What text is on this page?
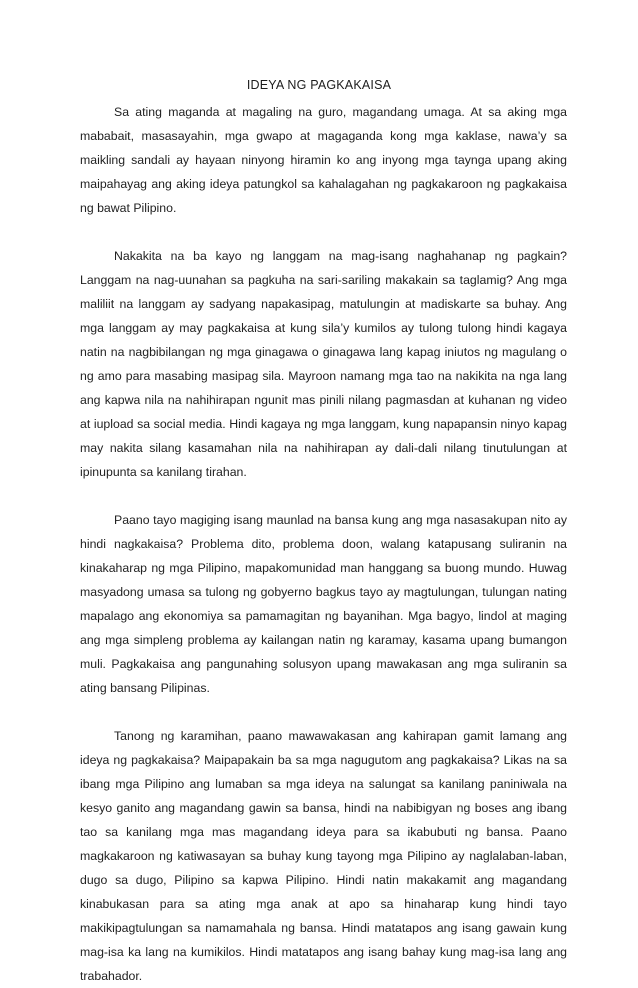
IDEYA NG PAGKAKAISA

Sa ating maganda at magaling na guro, magandang umaga. At sa aking mga mababait, masasayahin, mga gwapo at magaganda kong mga kaklase, nawa’y sa maikling sandali ay hayaan ninyong hiramin ko ang inyong mga taynga upang aking maipahayag ang aking ideya patungkol sa kahalagahan ng pagkakaroon ng pagkakaisa ng bawat Pilipino.

Nakakita na ba kayo ng langgam na mag-isang naghahanap ng pagkain? Langgam na nag-uunahan sa pagkuha na sari-sariling makakain sa taglamig? Ang mga maliliit na langgam ay sadyang napakasipag, matulungin at madiskarte sa buhay. Ang mga langgam ay may pagkakaisa at kung sila’y kumilos ay tulong tulong hindi kagaya natin na nagbibilangan ng mga ginagawa o ginagawa lang kapag iniutos ng magulang o ng amo para masabing masipag sila. Mayroon namang mga tao na nakikita na nga lang ang kapwa nila na nahihirapan ngunit mas pinili nilang pagmasdan at kuhanan ng video at iupload sa social media. Hindi kagaya ng mga langgam, kung napapansin ninyo kapag may nakita silang kasamahan nila na nahihirapan ay dali-dali nilang tinutulungan at ipinupunta sa kanilang tirahan.

Paano tayo magiging isang maunlad na bansa kung ang mga nasasakupan nito ay hindi nagkakaisa? Problema dito, problema doon, walang katapusang suliranin na kinakaharap ng mga Pilipino, mapakomunidad man hanggang sa buong mundo. Huwag masyadong umasa sa tulong ng gobyerno bagkus tayo ay magtulungan, tulungan nating mapalago ang ekonomiya sa pamamagitan ng bayanihan. Mga bagyo, lindol at maging ang mga simpleng problema ay kailangan natin ng karamay, kasama upang bumangon muli. Pagkakaisa ang pangunahing solusyon upang mawakasan ang mga suliranin sa ating bansang Pilipinas.

Tanong ng karamihan, paano mawawakasan ang kahirapan gamit lamang ang ideya ng pagkakaisa? Maipapakain ba sa mga nagugutom ang pagkakaisa? Likas na sa ibang mga Pilipino ang lumaban sa mga ideya na salungat sa kanilang paniniwala na kesyo ganito ang magandang gawin sa bansa, hindi na nabibigyan ng boses ang ibang tao sa kanilang mga mas magandang ideya para sa ikabubuti ng bansa. Paano magkakaroon ng katiwasayan sa buhay kung tayong mga Pilipino ay naglalaban-laban, dugo sa dugo, Pilipino sa kapwa Pilipino. Hindi natin makakamit ang magandang kinabukasan para sa ating mga anak at apo sa hinaharap kung hindi tayo makikipagtulungan sa namamahala ng bansa. Hindi matatapos ang isang gawain kung mag-isa ka lang na kumikilos. Hindi matatapos ang isang bahay kung mag-isa lang ang trabahador.
